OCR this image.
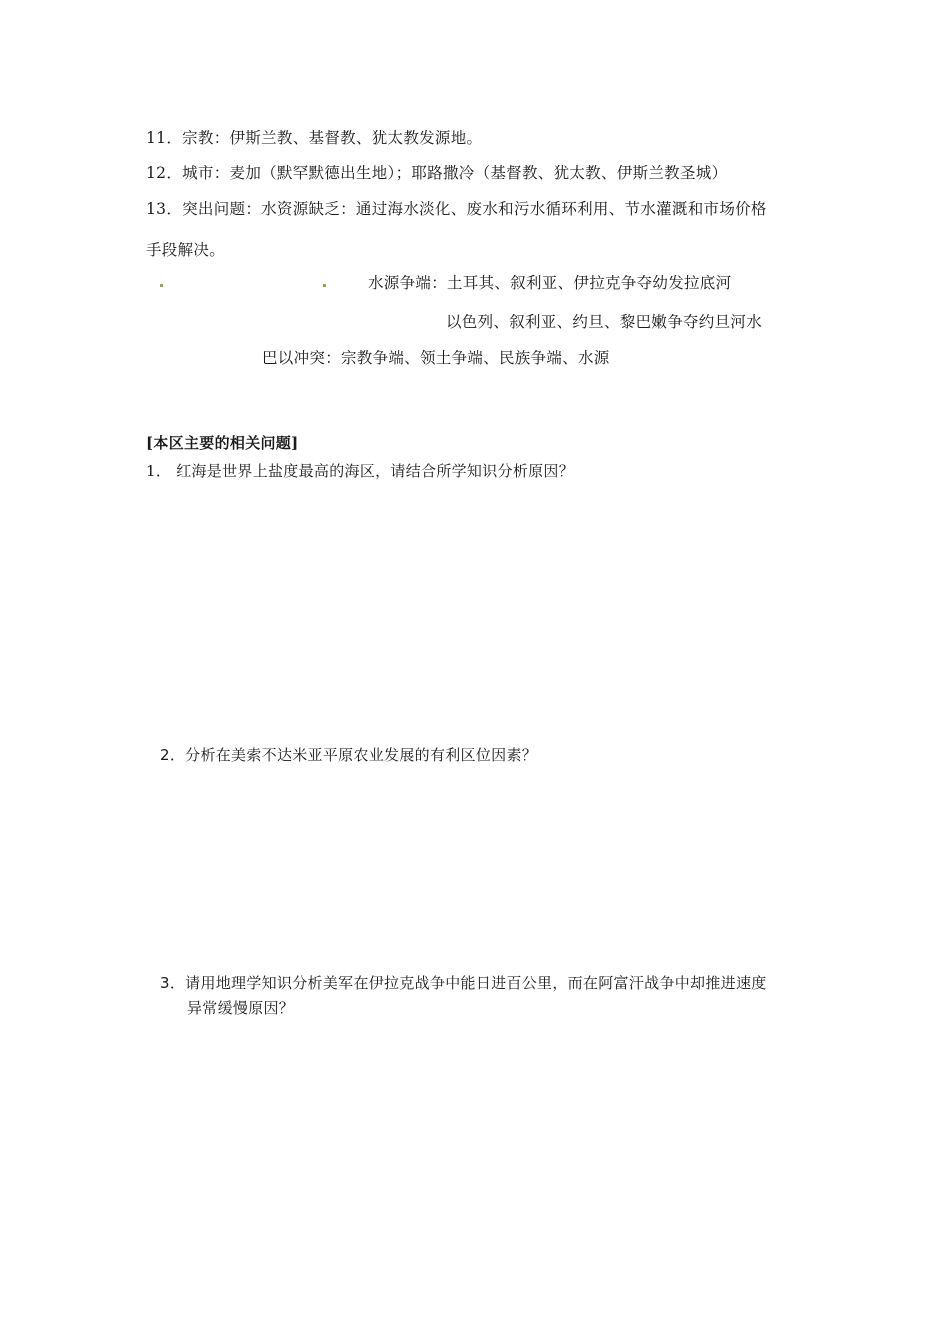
11．宗教：伊斯兰教、基督教、犹太教发源地。
12．城市：麦加（默罕默德出生地）；耶路撒冷（基督教、犹太教、伊斯兰教圣城）
13．突出问题：水资源缺乏：通过海水淡化、废水和污水循环利用、节水灌溉和市场价格
手段解决。
水源争端：土耳其、叙利亚、伊拉克争夺幼发拉底河
以色列、叙利亚、约旦、黎巴嫩争夺约旦河水
巴以冲突：宗教争端、领土争端、民族争端、水源
[本区主要的相关问题]
1． 红海是世界上盐度最高的海区，请结合所学知识分析原因？
2．分析在美索不达米亚平原农业发展的有利区位因素？
3．请用地理学知识分析美军在伊拉克战争中能日进百公里，而在阿富汗战争中却推进速度
异常缓慢原因？
